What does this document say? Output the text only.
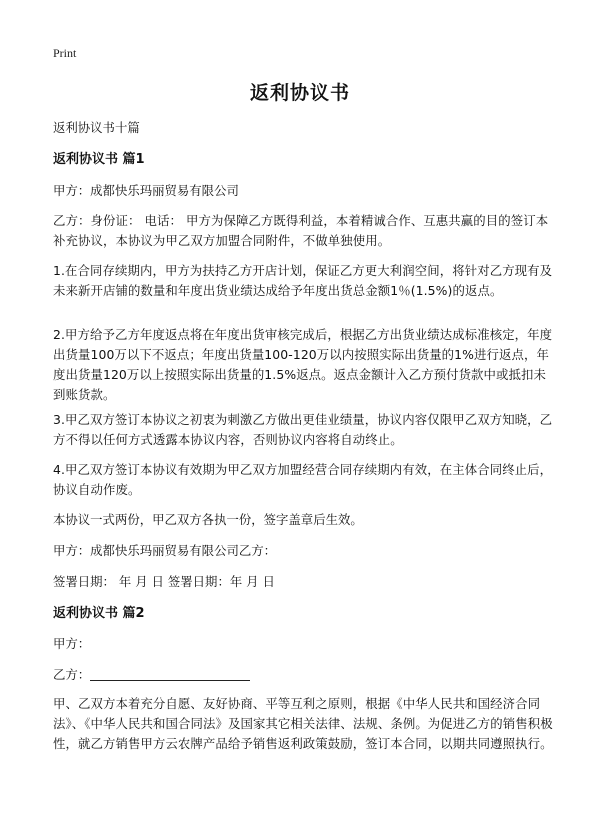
Print
返利协议书
返利协议书十篇
返利协议书 篇1
甲方：成都快乐玛丽贸易有限公司
乙方：身份证： 电话： 甲方为保障乙方既得利益，本着精诚合作、互惠共赢的目的签订本补充协议，本协议为甲乙双方加盟合同附件，不做单独使用。
1.在合同存续期内，甲方为扶持乙方开店计划，保证乙方更大利润空间，将针对乙方现有及未来新开店铺的数量和年度出货业绩达成给予年度出货总金额1％(1.5%)的返点。
2.甲方给予乙方年度返点将在年度出货审核完成后，根据乙方出货业绩达成标准核定，年度出货量100万以下不返点；年度出货量100-120万以内按照实际出货量的1%进行返点，年度出货量120万以上按照实际出货量的1.5%返点。返点金额计入乙方预付货款中或抵扣未到账货款。
3.甲乙双方签订本协议之初衷为刺激乙方做出更佳业绩量，协议内容仅限甲乙双方知晓，乙方不得以任何方式透露本协议内容，否则协议内容将自动终止。
4.甲乙双方签订本协议有效期为甲乙双方加盟经营合同存续期内有效，在主体合同终止后，协议自动作废。
本协议一式两份，甲乙双方各执一份，签字盖章后生效。
甲方：成都快乐玛丽贸易有限公司乙方：
签署日期： 年 月 日 签署日期：年 月 日
返利协议书 篇2
甲方：
乙方：
甲、乙双方本着充分自愿、友好协商、平等互利之原则，根据《中华人民共和国经济合同法》、《中华人民共和国合同法》及国家其它相关法律、法规、条例。为促进乙方的销售积极性，就乙方销售甲方云农牌产品给予销售返利政策鼓励，签订本合同，以期共同遵照执行。
